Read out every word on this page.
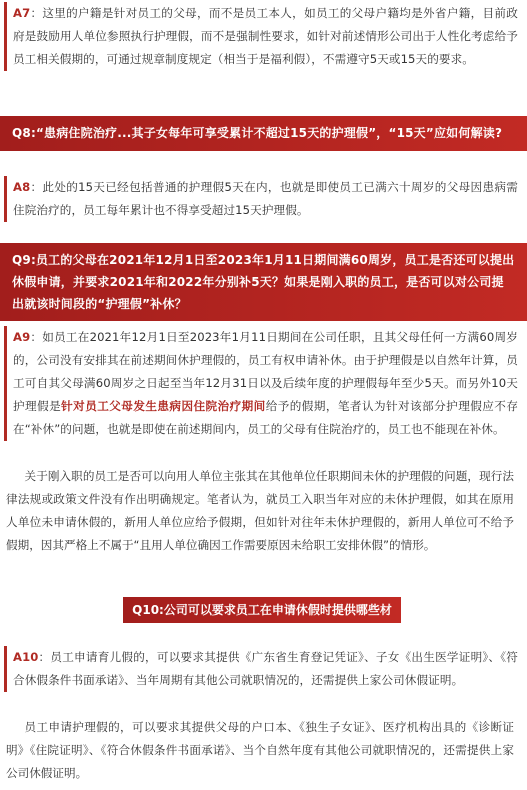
A7：这里的户籍是针对员工的父母，而不是员工本人，如员工的父母户籍均是外省户籍，目前政府是鼓励用人单位参照执行护理假，而不是强制性要求，如针对前述情形公司出于人性化考虑给予员工相关假期的，可通过规章制度规定（相当于是福利假），不需遵守5天或15天的要求。

Q8:“患病住院治疗...其子女每年可享受累计不超过15天的护理假”，“15天”应如何解读?

A8：此处的15天已经包括普通的护理假5天在内，也就是即使员工已满六十周岁的父母因患病需住院治疗的，员工每年累计也不得享受超过15天护理假。

Q9:员工的父母在2021年12月1日至2023年1月11日期间满60周岁，员工是否还可以提出休假申请，并要求2021年和2022年分别补5天？如果是刚入职的员工，是否可以对公司提出就该时间段的“护理假”补休？

A9：如员工在2021年12月1日至2023年1月11日期间在公司任职，且其父母任何一方满60周岁的，公司没有安排其在前述期间休护理假的，员工有权申请补休。由于护理假是以自然年计算，员工可自其父母满60周岁之日起至当年12月31日以及后续年度的护理假每年至少5天。而另外10天护理假是针对员工父母发生患病因住院治疗期间给予的假期，笔者认为针对该部分护理假应不存在“补休”的问题，也就是即使在前述期间内，员工的父母有住院治疗的，员工也不能现在补休。

关于刚入职的员工是否可以向用人单位主张其在其他单位任职期间未休的护理假的问题，现行法律法规或政策文件没有作出明确规定。笔者认为，就员工入职当年对应的未休护理假，如其在原用人单位未申请休假的，新用人单位应给予假期，但如针对往年未休护理假的，新用人单位可不给予假期，因其严格上不属于“且用人单位确因工作需要原因未给职工安排休假”的情形。

Q10:公司可以要求员工在申请休假时提供哪些材料？

A10：员工申请育儿假的，可以要求其提供《广东省生育登记凭证》、子女《出生医学证明》、《符合休假条件书面承诺》、当年周期有其他公司就职情况的，还需提供上家公司休假证明。

员工申请护理假的，可以要求其提供父母的户口本、《独生子女证》、医疗机构出具的《诊断证明》《住院证明》、《符合休假条件书面承诺》、当个自然年度有其他公司就职情况的，还需提供上家公司休假证明。
